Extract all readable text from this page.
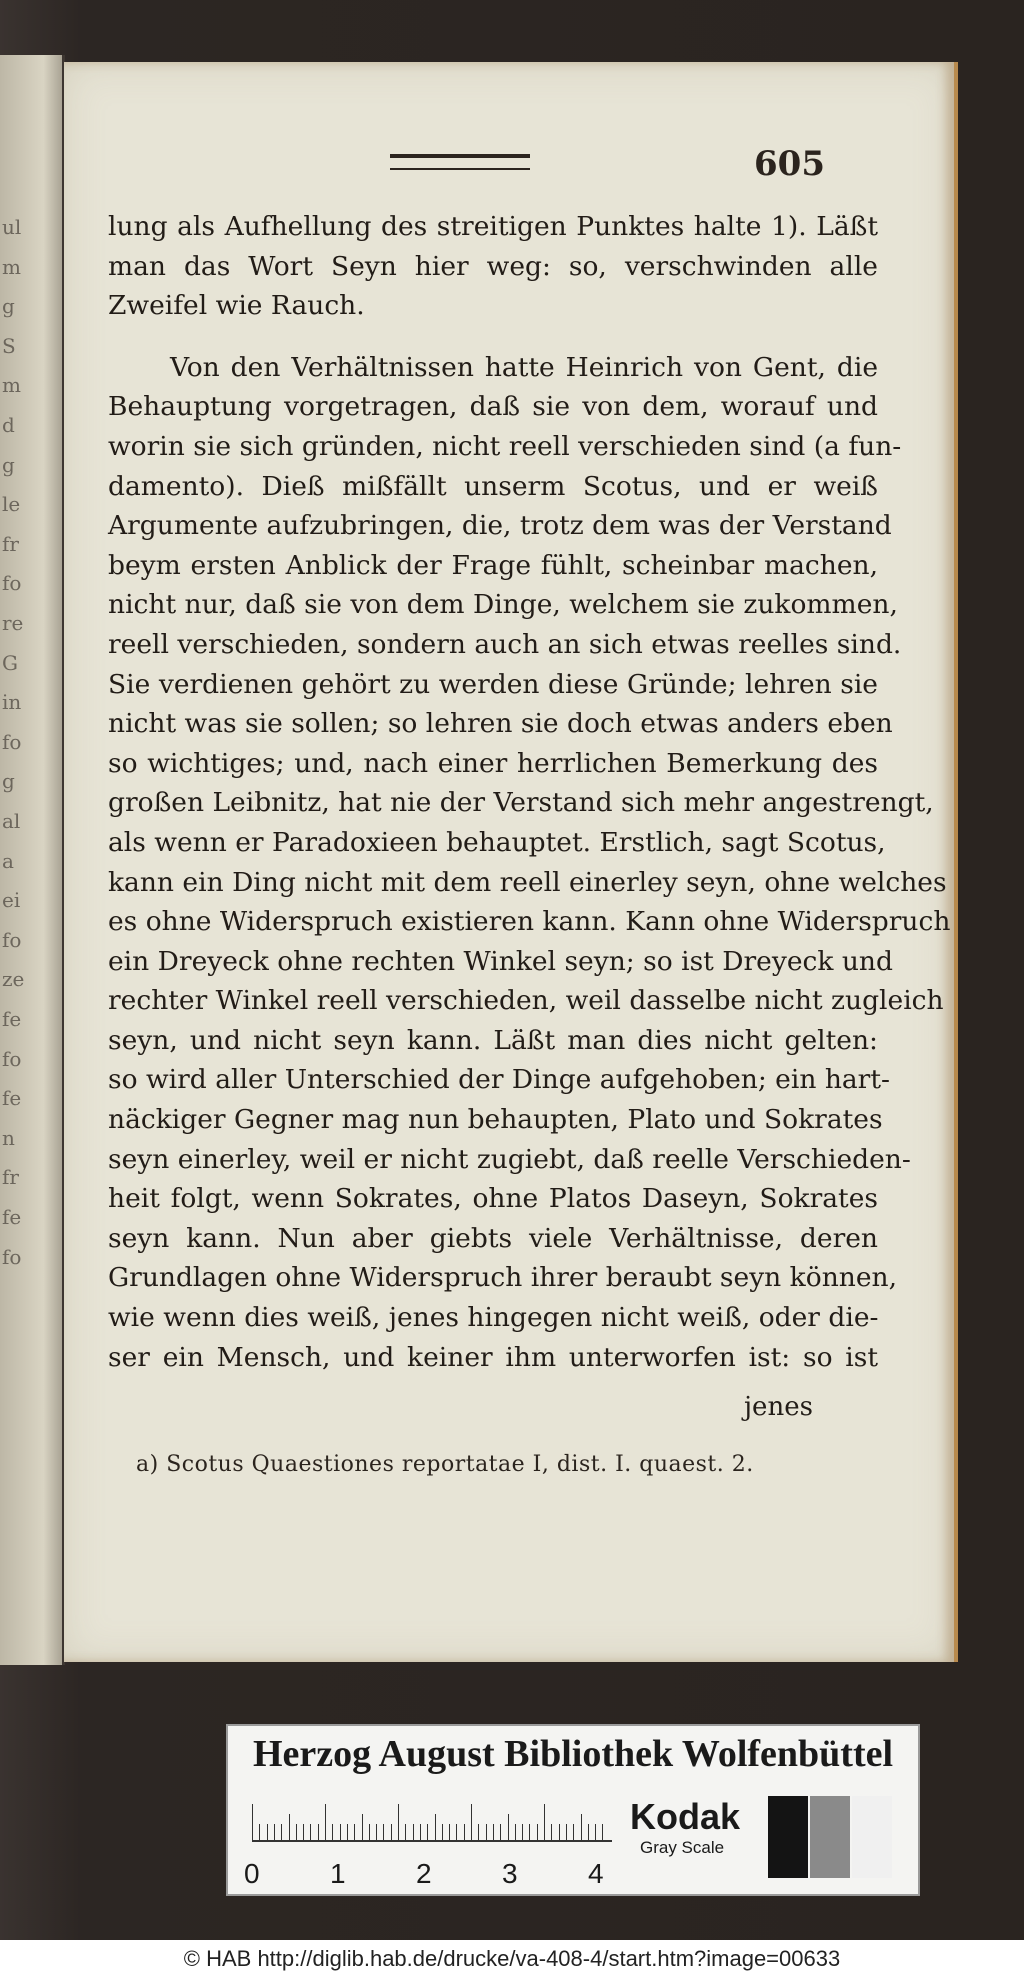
ul
m
g
S
m
d
g
le
fr
fo
re
G
in
fo
g
al
a
ei
fo
ze
fe
fo
fe
n
fr
fe
fo
605
lung als Aufhellung des streitigen Punktes halte 1). Läßt
man das Wort Seyn hier weg: so, verschwinden alle
Zweifel wie Rauch.
Von den Verhältnissen hatte Heinrich von Gent, die
Behauptung vorgetragen, daß sie von dem, worauf und
worin sie sich gründen, nicht reell verschieden sind (a fun-
damento). Dieß mißfällt unserm Scotus, und er weiß
Argumente aufzubringen, die, trotz dem was der Verstand
beym ersten Anblick der Frage fühlt, scheinbar machen,
nicht nur, daß sie von dem Dinge, welchem sie zukommen,
reell verschieden, sondern auch an sich etwas reelles sind.
Sie verdienen gehört zu werden diese Gründe; lehren sie
nicht was sie sollen; so lehren sie doch etwas anders eben
so wichtiges; und, nach einer herrlichen Bemerkung des
großen Leibnitz, hat nie der Verstand sich mehr angestrengt,
als wenn er Paradoxieen behauptet. Erstlich, sagt Scotus,
kann ein Ding nicht mit dem reell einerley seyn, ohne welches
es ohne Widerspruch existieren kann. Kann ohne Widerspruch
ein Dreyeck ohne rechten Winkel seyn; so ist Dreyeck und
rechter Winkel reell verschieden, weil dasselbe nicht zugleich
seyn, und nicht seyn kann. Läßt man dies nicht gelten:
so wird aller Unterschied der Dinge aufgehoben; ein hart-
näckiger Gegner mag nun behaupten, Plato und Sokrates
seyn einerley, weil er nicht zugiebt, daß reelle Verschieden-
heit folgt, wenn Sokrates, ohne Platos Daseyn, Sokrates
seyn kann. Nun aber giebts viele Verhältnisse, deren
Grundlagen ohne Widerspruch ihrer beraubt seyn können,
wie wenn dies weiß, jenes hingegen nicht weiß, oder die-
ser ein Mensch, und keiner ihm unterworfen ist: so ist
jenes
a) Scotus Quaestiones reportatae I, dist. I. quaest. 2.
Herzog August Bibliothek Wolfenbüttel
0	1	2	3	4
Kodak
Gray Scale
© HAB http://diglib.hab.de/drucke/va-408-4/start.htm?image=00633
